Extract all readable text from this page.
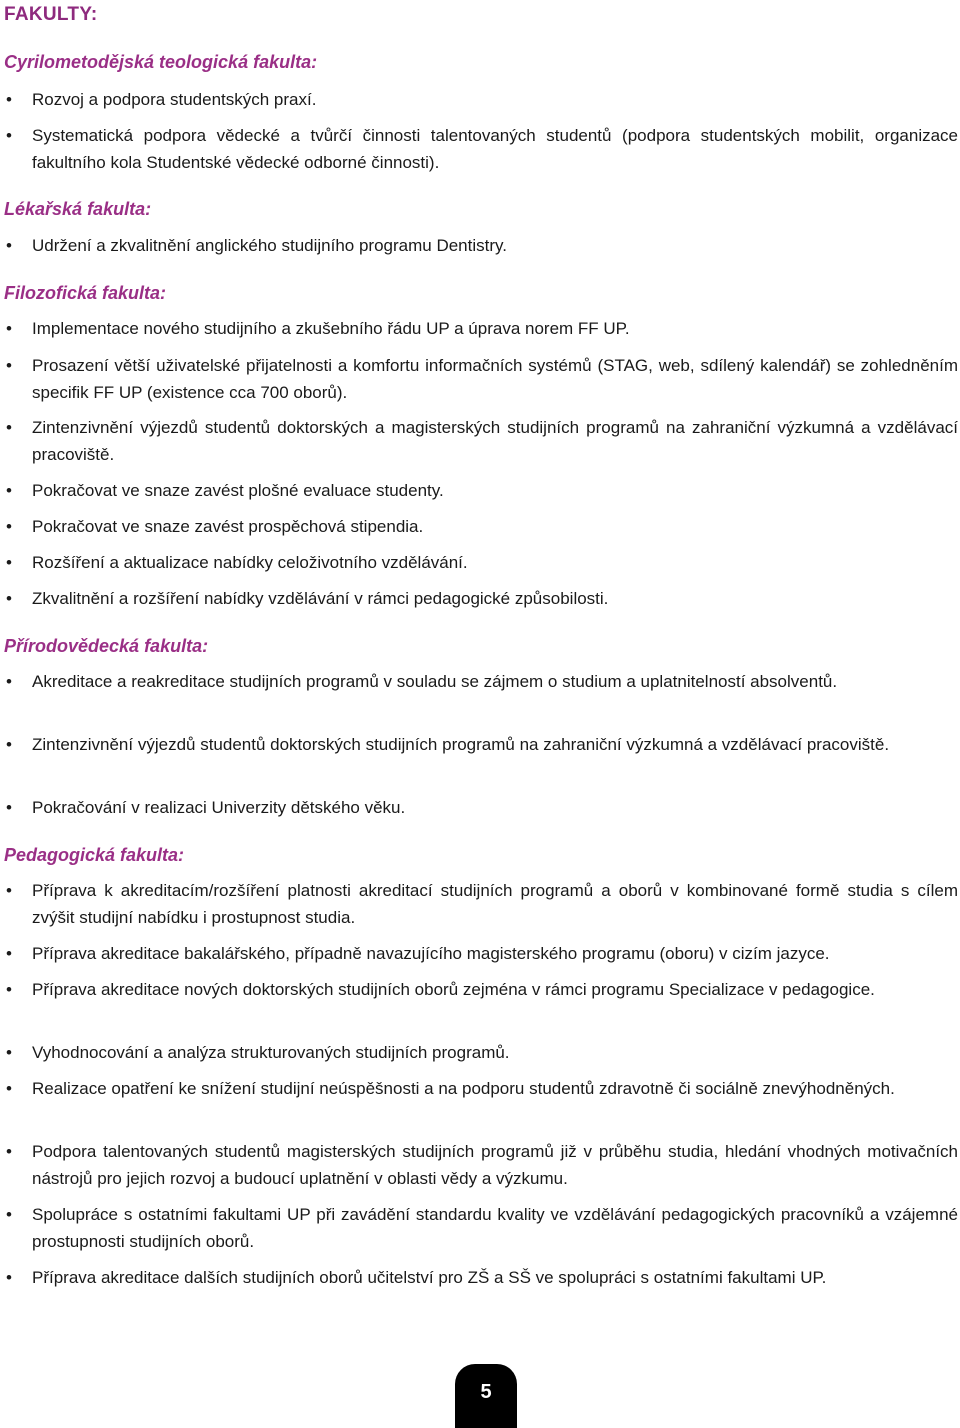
FAKULTY:
Cyrilometodějská teologická fakulta:
• Rozvoj a podpora studentských praxí.
• Systematická podpora vědecké a tvůrčí činnosti talentovaných studentů (podpora studentských mobilit, organizace fakultního kola Studentské vědecké odborné činnosti).
Lékařská fakulta:
• Udržení a zkvalitnění anglického studijního programu Dentistry.
Filozofická fakulta:
• Implementace nového studijního a zkušebního řádu UP a úprava norem FF UP.
• Prosazení větší uživatelské přijatelnosti a komfortu informačních systémů (STAG, web, sdílený kalendář) se zohledněním specifik FF UP (existence cca 700 oborů).
• Zintenzivnění výjezdů studentů doktorských a magisterských studijních programů na zahraniční výzkumná a vzdělávací pracoviště.
• Pokračovat ve snaze zavést plošné evaluace studenty.
• Pokračovat ve snaze zavést prospěchová stipendia.
• Rozšíření a aktualizace nabídky celoživotního vzdělávání.
• Zkvalitnění a rozšíření nabídky vzdělávání v rámci pedagogické způsobilosti.
Přírodovědecká fakulta:
• Akreditace a reakreditace studijních programů v souladu se zájmem o studium a uplatnitelností absolventů.
• Zintenzivnění výjezdů studentů doktorských studijních programů na zahraniční výzkumná a vzdělávací pracoviště.
• Pokračování v realizaci Univerzity dětského věku.
Pedagogická fakulta:
• Příprava k akreditacím/rozšíření platnosti akreditací studijních programů a oborů v kombinované formě studia s cílem zvýšit studijní nabídku i prostupnost studia.
• Příprava akreditace bakalářského, případně navazujícího magisterského programu (oboru) v cizím jazyce.
• Příprava akreditace nových doktorských studijních oborů zejména v rámci programu Specializace v pedagogice.
• Vyhodnocování a analýza strukturovaných studijních programů.
• Realizace opatření ke snížení studijní neúspěšnosti a na podporu studentů zdravotně či sociálně znevýhodněných.
• Podpora talentovaných studentů magisterských studijních programů již v průběhu studia, hledání vhodných motivačních nástrojů pro jejich rozvoj a budoucí uplatnění v oblasti vědy a výzkumu.
• Spolupráce s ostatními fakultami UP při zavádění standardu kvality ve vzdělávání pedagogických pracovníků a vzájemné prostupnosti studijních oborů.
• Příprava akreditace dalších studijních oborů učitelství pro ZŠ a SŠ ve spolupráci s ostatními fakultami UP.
5
